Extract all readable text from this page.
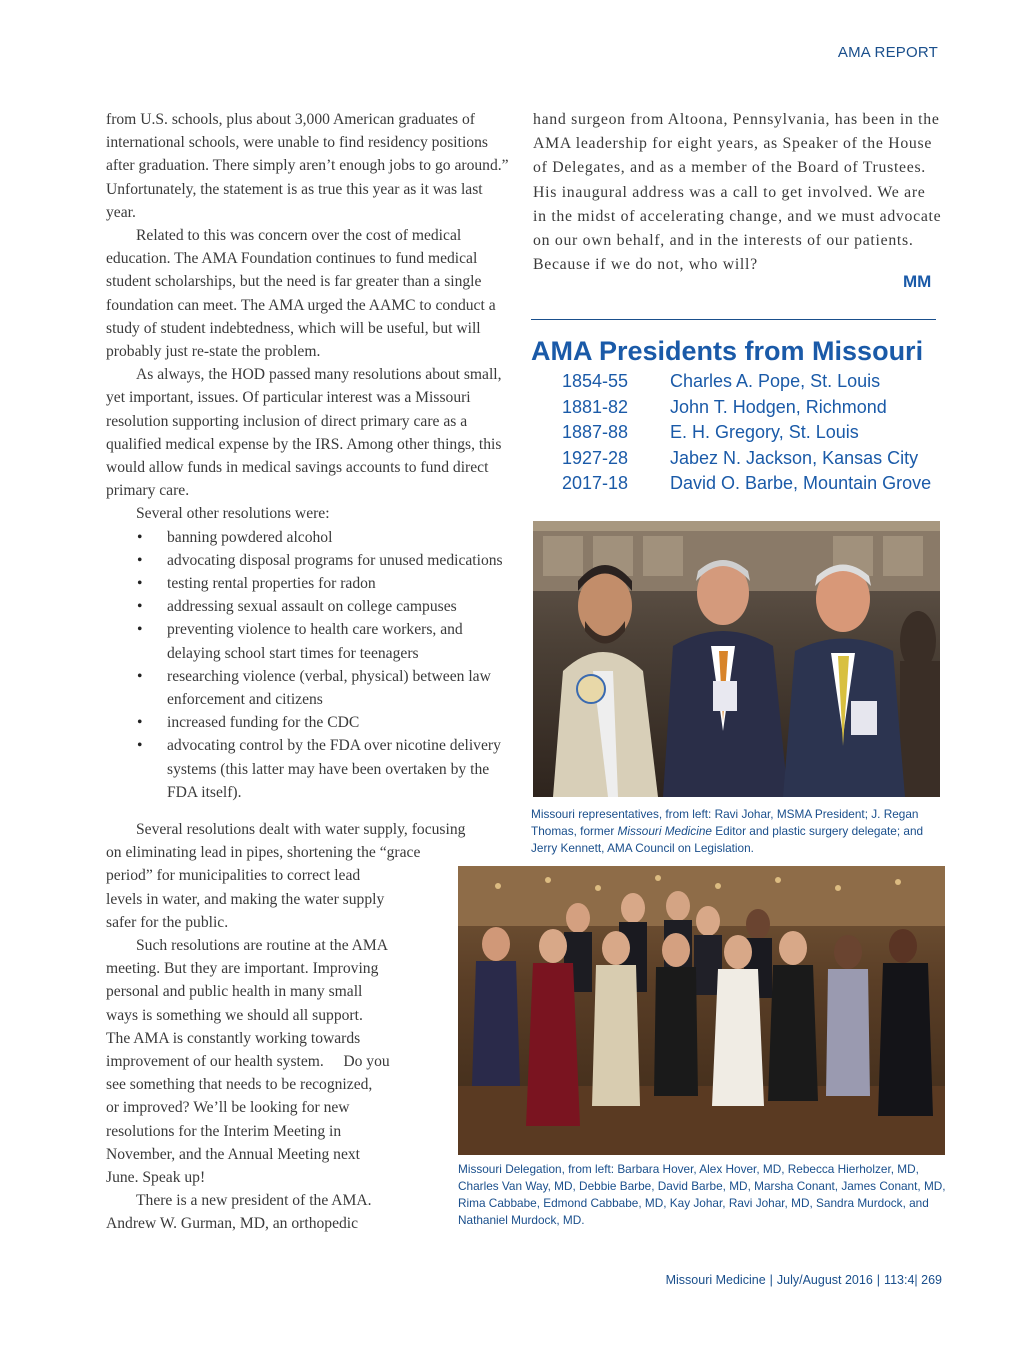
AMA REPORT

from U.S. schools, plus about 3,000 American graduates of international schools, were unable to find residency positions after graduation. There simply aren’t enough jobs to go around.” Unfortunately, the statement is as true this year as it was last year.

Related to this was concern over the cost of medical education. The AMA Foundation continues to fund medical student scholarships, but the need is far greater than a single foundation can meet. The AMA urged the AAMC to conduct a study of student indebtedness, which will be useful, but will probably just re-state the problem.

As always, the HOD passed many resolutions about small, yet important, issues. Of particular interest was a Missouri resolution supporting inclusion of direct primary care as a qualified medical expense by the IRS. Among other things, this would allow funds in medical savings accounts to fund direct primary care.

Several other resolutions were:

• banning powdered alcohol
• advocating disposal programs for unused medications
• testing rental properties for radon
• addressing sexual assault on college campuses
• preventing violence to health care workers, and delaying school start times for teenagers
• researching violence (verbal, physical) between law enforcement and citizens
• increased funding for the CDC
• advocating control by the FDA over nicotine delivery systems (this latter may have been overtaken by the FDA itself).
Several resolutions dealt with water supply, focusing
on eliminating lead in pipes, shortening the “grace
period” for municipalities to correct lead
levels in water, and making the water supply
safer for the public.
Such resolutions are routine at the AMA
meeting. But they are important. Improving
personal and public health in many small
ways is something we should all support.
The AMA is constantly working towards
improvement of our health system.     Do you
see something that needs to be recognized,
or improved? We’ll be looking for new
resolutions for the Interim Meeting in
November, and the Annual Meeting next
June. Speak up!
There is a new president of the AMA.
Andrew W. Gurman, MD, an orthopedic

hand surgeon from Altoona, Pennsylvania, has been in the AMA leadership for eight years, as Speaker of the House of Delegates, and as a member of the Board of Trustees. His inaugural address was a call to get involved. We are in the midst of accelerating change, and we must advocate on our own behalf, and in the interests of our patients. Because if we do not, who will?

MM
AMA Presidents from Missouri
1854-55	Charles A. Pope, St. Louis
1881-82	John T. Hodgen, Richmond
1887-88	E. H. Gregory, St. Louis
1927-28	Jabez N. Jackson, Kansas City
2017-18	David O. Barbe, Mountain Grove
Missouri representatives, from left: Ravi Johar, MSMA President; J. Regan Thomas, former Missouri Medicine Editor and plastic surgery delegate; and Jerry Kennett, AMA Council on Legislation.
Missouri Delegation, from left: Barbara Hover, Alex Hover, MD, Rebecca Hierholzer, MD, Charles Van Way, MD, Debbie Barbe, David Barbe, MD, Marsha Conant, James Conant, MD, Rima Cabbabe, Edmond Cabbabe, MD, Kay Johar, Ravi Johar, MD, Sandra Murdock, and Nathaniel Murdock, MD.
Missouri Medicine | July/August 2016 | 113:4| 269
